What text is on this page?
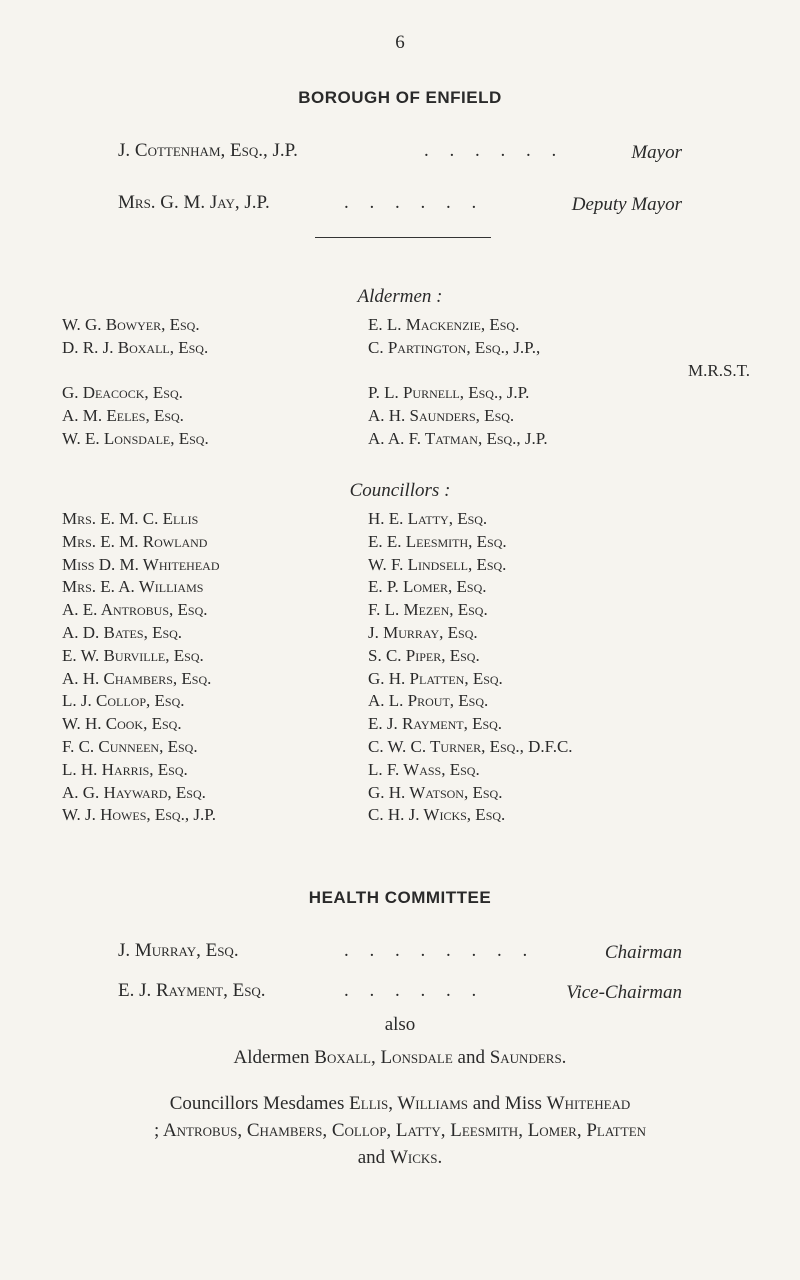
6
BOROUGH OF ENFIELD
J. Cottenham, Esq., J.P.	. . . . . .	Mayor
Mrs. G. M. Jay, J.P.	. . . . . .	Deputy Mayor
Aldermen :
W. G. Bowyer, Esq.
D. R. J. Boxall, Esq.
G. Deacock, Esq.
A. M. Eeles, Esq.
W. E. Lonsdale, Esq.
E. L. Mackenzie, Esq.
C. Partington, Esq., J.P.,
M.R.S.T.
P. L. Purnell, Esq., J.P.
A. H. Saunders, Esq.
A. A. F. Tatman, Esq., J.P.
Councillors :
Mrs. E. M. C. Ellis
Mrs. E. M. Rowland
Miss D. M. Whitehead
Mrs. E. A. Williams
A. E. Antrobus, Esq.
A. D. Bates, Esq.
E. W. Burville, Esq.
A. H. Chambers, Esq.
L. J. Collop, Esq.
W. H. Cook, Esq.
F. C. Cunneen, Esq.
L. H. Harris, Esq.
A. G. Hayward, Esq.
W. J. Howes, Esq., J.P.
H. E. Latty, Esq.
E. E. Leesmith, Esq.
W. F. Lindsell, Esq.
E. P. Lomer, Esq.
F. L. Mezen, Esq.
J. Murray, Esq.
S. C. Piper, Esq.
G. H. Platten, Esq.
A. L. Prout, Esq.
E. J. Rayment, Esq.
C. W. C. Turner, Esq., D.F.C.
L. F. Wass, Esq.
G. H. Watson, Esq.
C. H. J. Wicks, Esq.
HEALTH COMMITTEE
J. Murray, Esq.	. . . . . . . .	Chairman
E. J. Rayment, Esq.	. . . . . .	Vice-Chairman
also
Aldermen Boxall, Lonsdale and Saunders.
Councillors Mesdames Ellis, Williams and Miss Whitehead
; Antrobus, Chambers, Collop, Latty, Leesmith, Lomer, Platten
and Wicks.
